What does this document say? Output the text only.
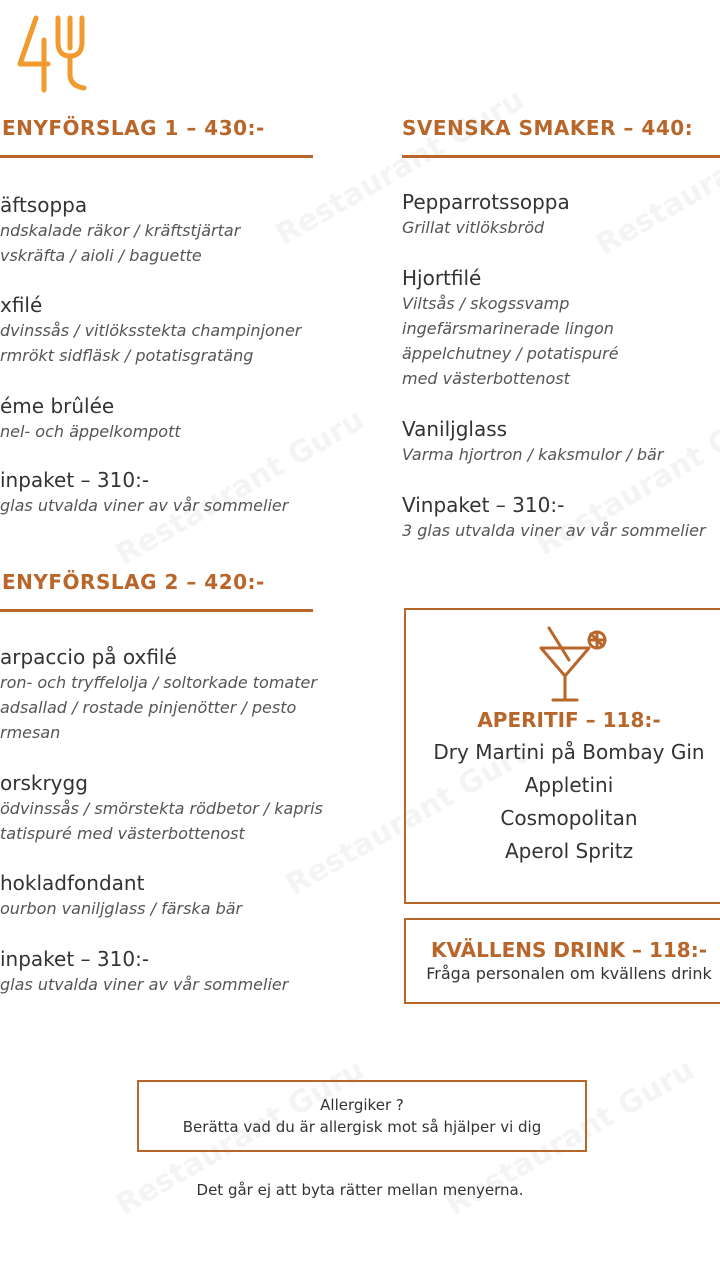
ENYFÖRSLAG 1 – 430:-
äftsoppa
ndskalade räkor / kräftstjärtar
vskräfta / aioli / baguette
xfilé
dvinssås / vitlöksstekta champinjoner
rmrökt sidfläsk / potatisgratäng
éme brûlée
nel- och äppelkompott
inpaket – 310:-
glas utvalda viner av vår sommelier
ENYFÖRSLAG 2 – 420:-
arpaccio på oxfilé
ron- och tryffelolja / soltorkade tomater
adsallad / rostade pinjenötter / pesto
rmesan
orskrygg
ödvinssås / smörstekta rödbetor / kapris
tatispuré med västerbottenost
hokladfondant
ourbon vaniljglass / färska bär
inpaket – 310:-
glas utvalda viner av vår sommelier
SVENSKA SMAKER – 440:
Pepparrotssoppa
Grillat vitlöksbröd
Hjortfilé
Viltsås / skogssvamp
ingefärsmarinerade lingon
äppelchutney / potatispuré
med västerbottenost
Vaniljglass
Varma hjortron / kaksmulor / bär
Vinpaket – 310:-
3 glas utvalda viner av vår sommelier
APERITIF – 118:-
Dry Martini på Bombay Gin
Appletini
Cosmopolitan
Aperol Spritz
KVÄLLENS DRINK – 118:-
Fråga personalen om kvällens drink
Allergiker ?
Berätta vad du är allergisk mot så hjälper vi dig
Det går ej att byta rätter mellan menyerna.
